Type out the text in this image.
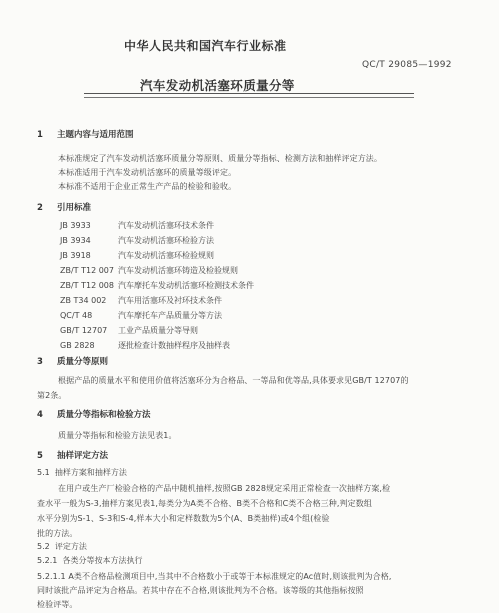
中华人民共和国汽车行业标准
QC/T 29085—1992
汽车发动机活塞环质量分等
1 主题内容与适用范围
本标准规定了汽车发动机活塞环质量分等原则、质量分等指标、检测方法和抽样评定方法。
本标准适用于汽车发动机活塞环的质量等级评定。
本标准不适用于企业正常生产产品的检验和验收。
2 引用标准
JB 3933	汽车发动机活塞环技术条件
JB 3934	汽车发动机活塞环检验方法
JB 3918	汽车发动机活塞环检验规则
ZB/T T12 007 汽车发动机活塞环铸造及检验规则
ZB/T T12 008 汽车摩托车发动机活塞环检测技术条件
ZB T34 002 汽车用活塞环及衬环技术条件
QC/T 48	汽车摩托车产品质量分等方法
GB/T 12707 工业产品质量分等导则
GB 2828	逐批检查计数抽样程序及抽样表
3 质量分等原则
根据产品的质量水平和使用价值将活塞环分为合格品、一等品和优等品,具体要求见GB/T 12707的
第2条。
4 质量分等指标和检验方法
质量分等指标和检验方法见表1。
5 抽样评定方法
5.1 抽样方案和抽样方法
在用户或生产厂检验合格的产品中随机抽样,按照GB 2828规定采用正常检查一次抽样方案,检
查水平一般为S-3,抽样方案见表1,每类分为A类不合格、B类不合格和C类不合格三种,判定数组
水平分别为S-1、S-3和S-4,样本大小和定样数数为5个(A、B类抽样)或4个组(检验
批的方法。
5.2 评定方法
5.2.1 各类分等按本方法执行
5.2.1.1 A类不合格品检测项目中,当其中不合格数小于或等于本标准规定的Ac值时,则该批判为合格,
同时该批产品评定为合格品。若其中存在不合格,则该批判为不合格。该等级的其他指标按照
检验评等。
